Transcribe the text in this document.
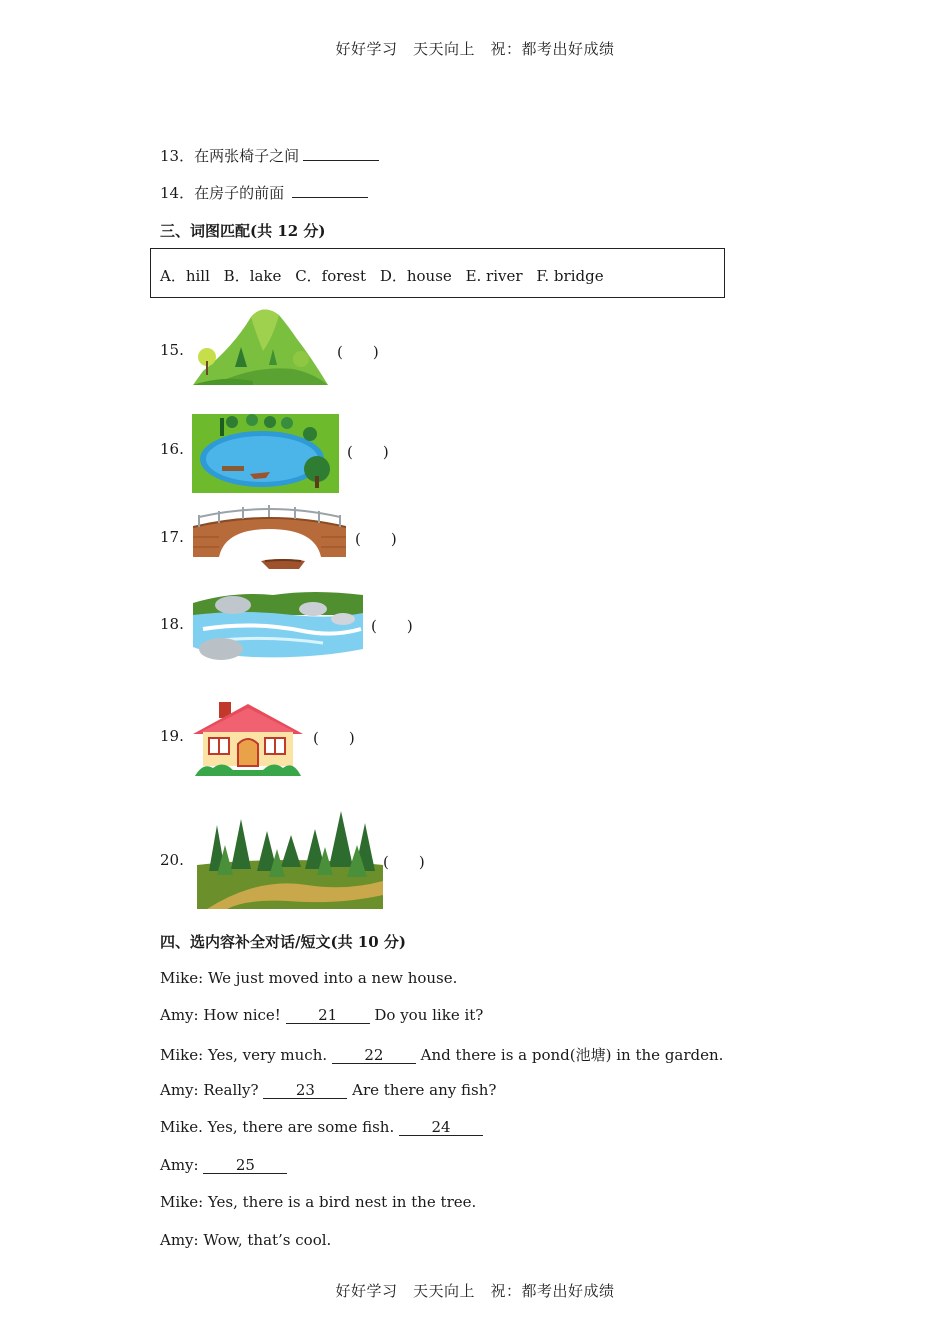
好好学习　天天向上　祝：都考出好成绩
13．在两张椅子之间
14．在房子的前面
三、词图匹配(共 12 分)
A．hill B．lake C．forest D．house E. river F. bridge
15.	(　　)
16.	(　　)
17.	(　　)
18.	(　　)
19.	(　　)
20.	(　　)
四、选内容补全对话/短文(共 10 分)
Mike: We just moved into a new house.
Amy: How nice! 21 Do you like it?
Mike: Yes, very much. 22 And there is a pond(池塘) in the garden.
Amy: Really? 23 Are there any fish?
Mike. Yes, there are some fish. 24
Amy: 25
Mike: Yes, there is a bird nest in the tree.
Amy: Wow, that’s cool.
好好学习　天天向上　祝：都考出好成绩
